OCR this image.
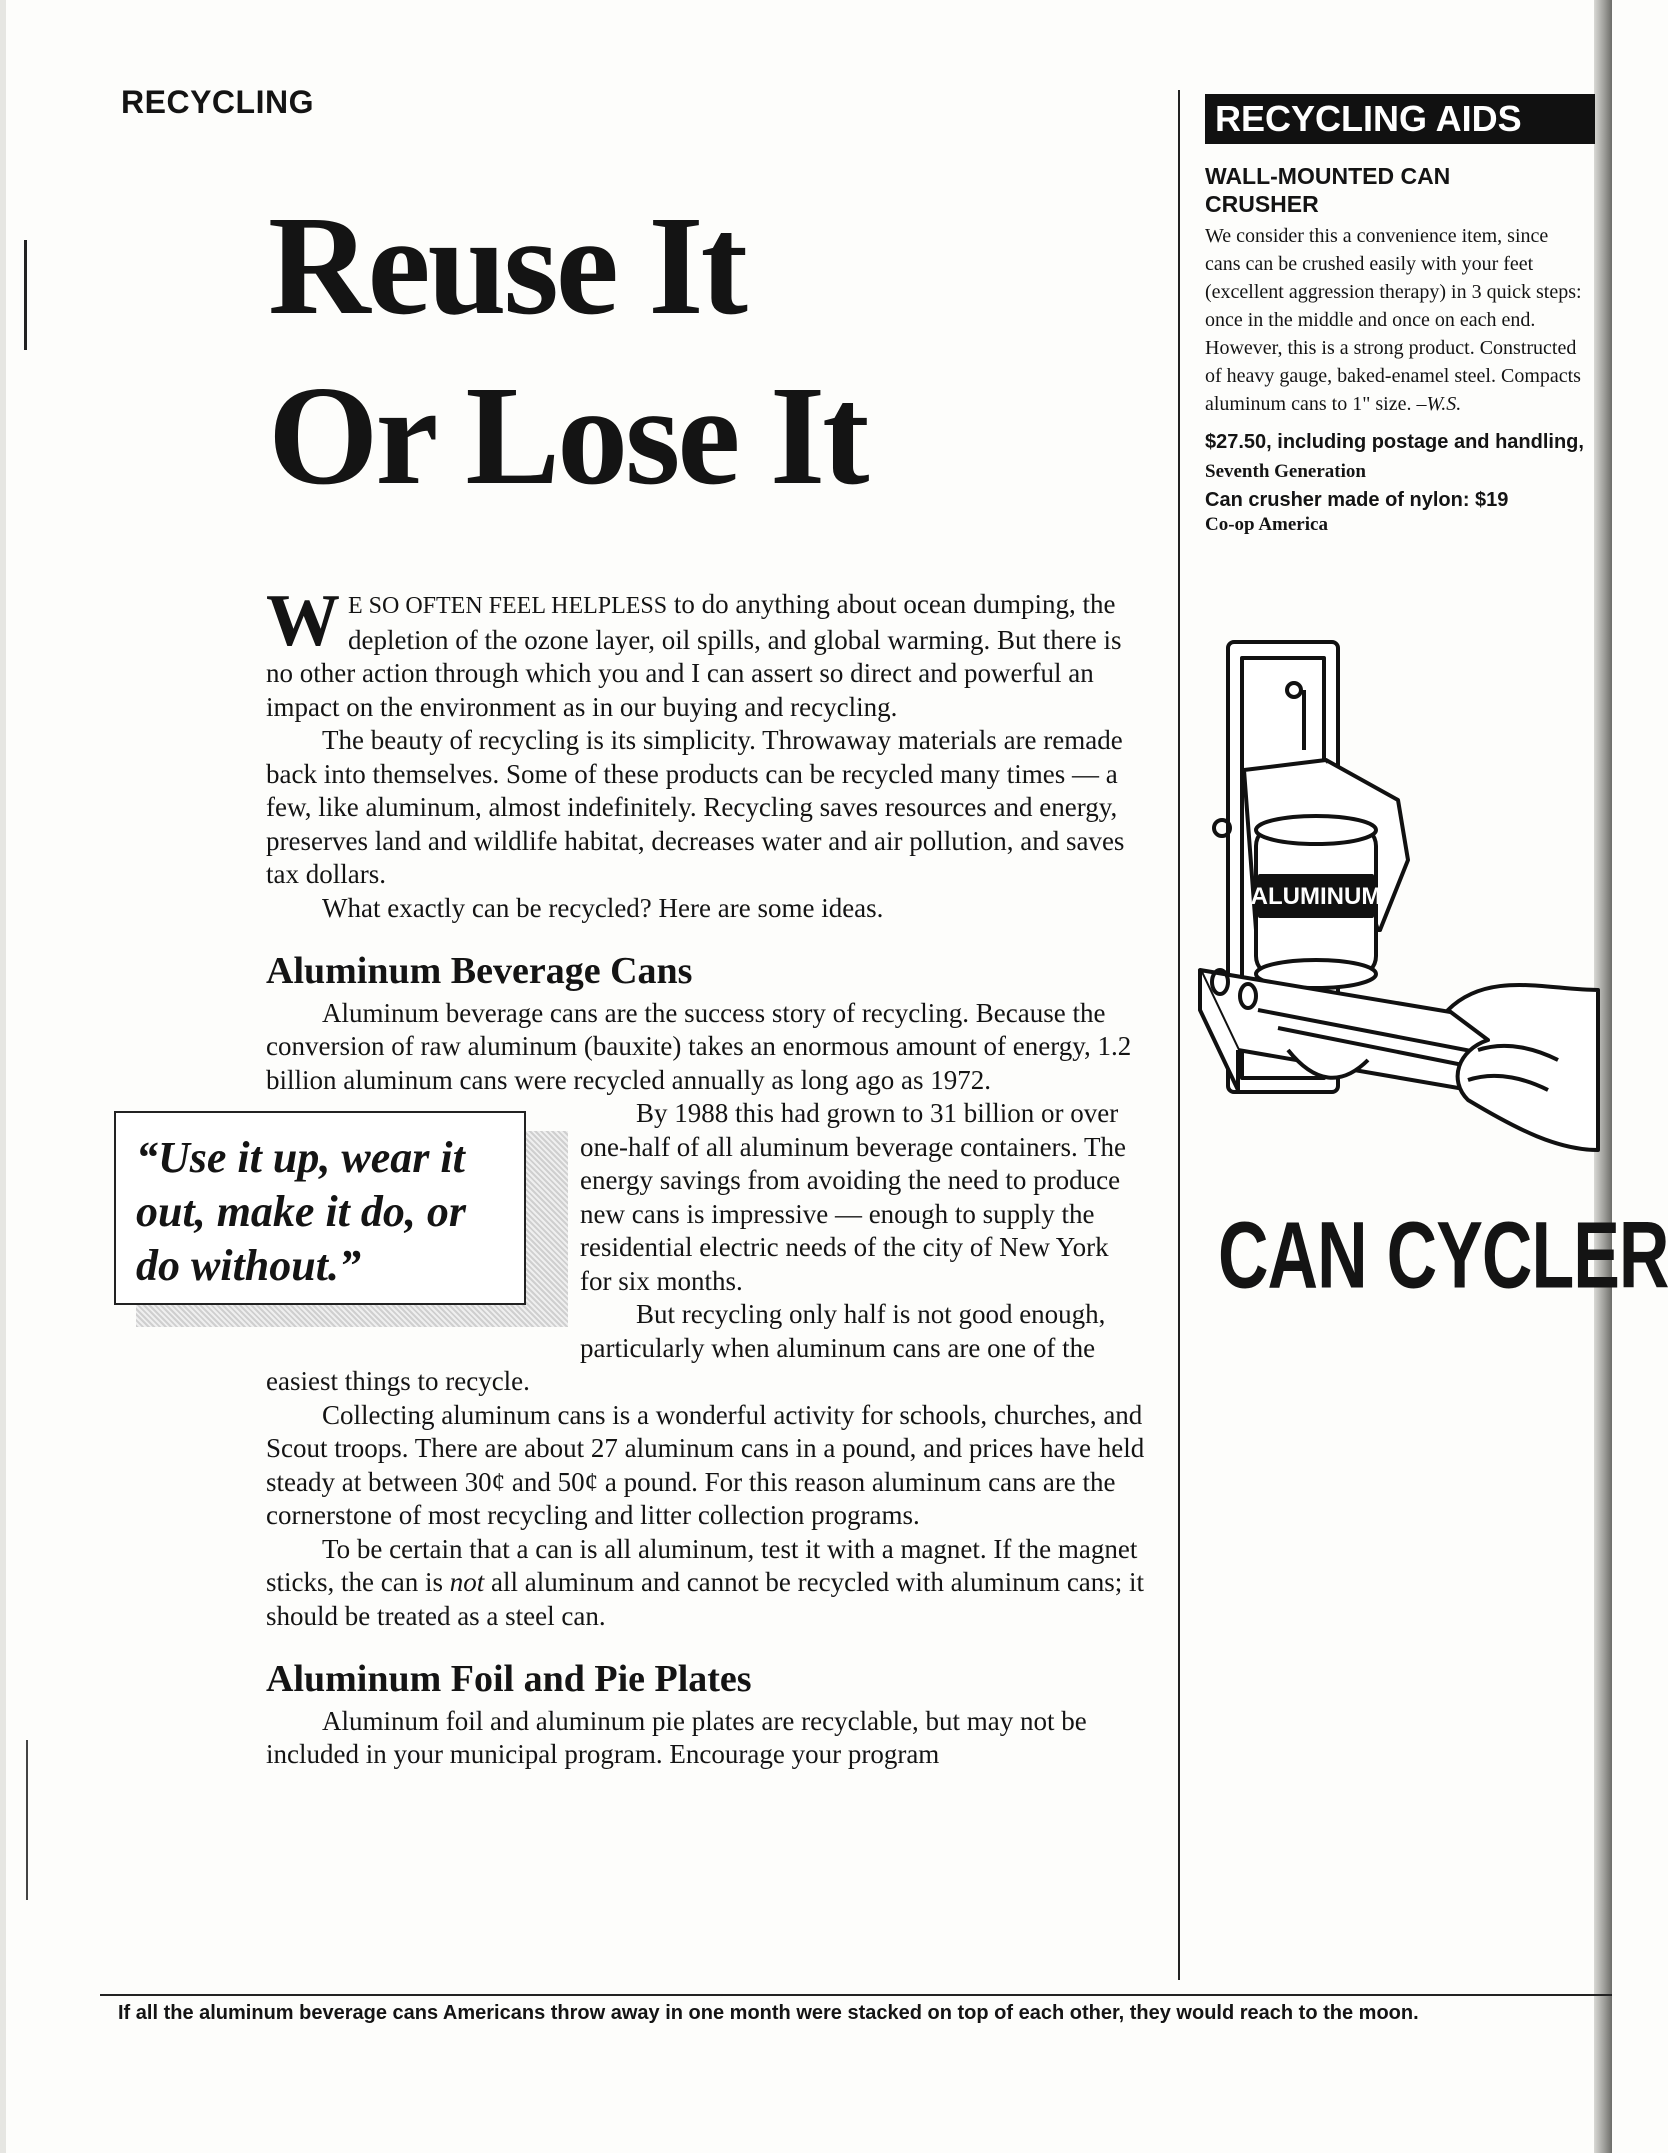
RECYCLING
Reuse It
Or Lose It

W E SO OFTEN FEEL HELPLESS to do anything about ocean dumping, the depletion of the ozone layer, oil spills, and global warming. But there is no other action through which you and I can assert so direct and powerful an impact on the environment as in our buying and recycling.

The beauty of recycling is its simplicity. Throwaway materials are remade back into themselves. Some of these products can be recycled many times — a few, like aluminum, almost indefinitely. Recycling saves resources and energy, preserves land and wildlife habitat, decreases water and air pollution, and saves tax dollars.

What exactly can be recycled? Here are some ideas.

Aluminum Beverage Cans

Aluminum beverage cans are the success story of recycling. Because the conversion of raw aluminum (bauxite) takes an enormous amount of energy, 1.2 billion aluminum cans were recycled annually as long ago as 1972.

“Use it up, wear it out, make it do, or do without.”

By 1988 this had grown to 31 billion or over one-half of all aluminum beverage containers. The energy savings from avoiding the need to produce new cans is impressive — enough to supply the residential electric needs of the city of New York for six months.

But recycling only half is not good enough, particularly when aluminum cans are one of the easiest things to recycle.

Collecting aluminum cans is a wonderful activity for schools, churches, and Scout troops. There are about 27 aluminum cans in a pound, and prices have held steady at between 30¢ and 50¢ a pound. For this reason aluminum cans are the cornerstone of most recycling and litter collection programs.

To be certain that a can is all aluminum, test it with a magnet. If the magnet sticks, the can is not all aluminum and cannot be recycled with aluminum cans; it should be treated as a steel can.

Aluminum Foil and Pie Plates

Aluminum foil and aluminum pie plates are recyclable, but may not be included in your municipal program. Encourage your program

RECYCLING AIDS
WALL-MOUNTED CAN CRUSHER
We consider this a convenience item, since cans can be crushed easily with your feet (excellent aggression therapy) in 3 quick steps: once in the middle and once on each end. However, this is a strong product. Constructed of heavy gauge, baked-enamel steel. Compacts aluminum cans to 1" size. –W.S.
$27.50, including postage and handling, Seventh Generation
Can crusher made of nylon: $19
Co-op America
ALUMINUM
CAN CYCLER
If all the aluminum beverage cans Americans throw away in one month were stacked on top of each other, they would reach to the moon.
